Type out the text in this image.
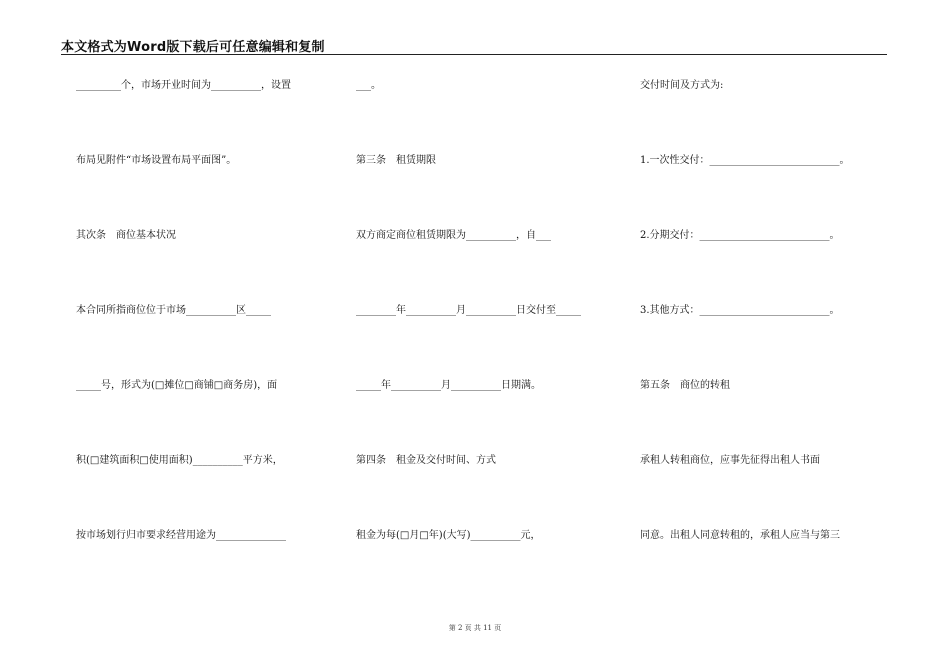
本文格式为Word版下载后可任意编辑和复制
_________个，市场开业时间为__________，设置
布局见附件“市场设置布局平面图”。
其次条　商位基本状况
本合同所指商位位于市场__________区_____
_____号，形式为(□摊位□商铺□商务房)，面
积(□建筑面积□使用面积)__________平方米，
按市场划行归市要求经营用途为______________
___。
第三条　租赁期限
双方商定商位租赁期限为__________，自___
________年__________月__________日交付至_____
_____年__________月__________日期满。
第四条　租金及交付时间、方式
租金为每(□月□年)(大写)__________元，
交付时间及方式为:
1.一次性交付：__________________________。
2.分期交付：__________________________。
3.其他方式：__________________________。
第五条　商位的转租
承租人转租商位，应事先征得出租人书面
同意。出租人同意转租的，承租人应当与第三
第 2 页 共 11 页
